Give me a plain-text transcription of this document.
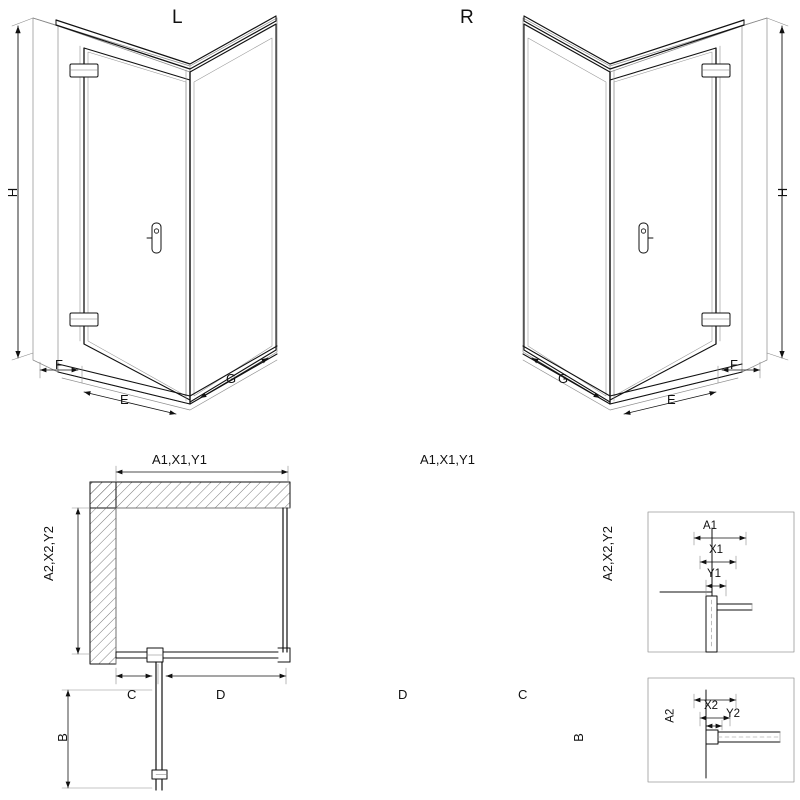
L	R
H
F
E
G
H
F
E
G
A1,X1,Y1
A2,X2,Y2
C	D
B
A1,X1,Y1
A2,X2,Y2
D	C
B
A1
X1
Y1
A2
X2
Y2
